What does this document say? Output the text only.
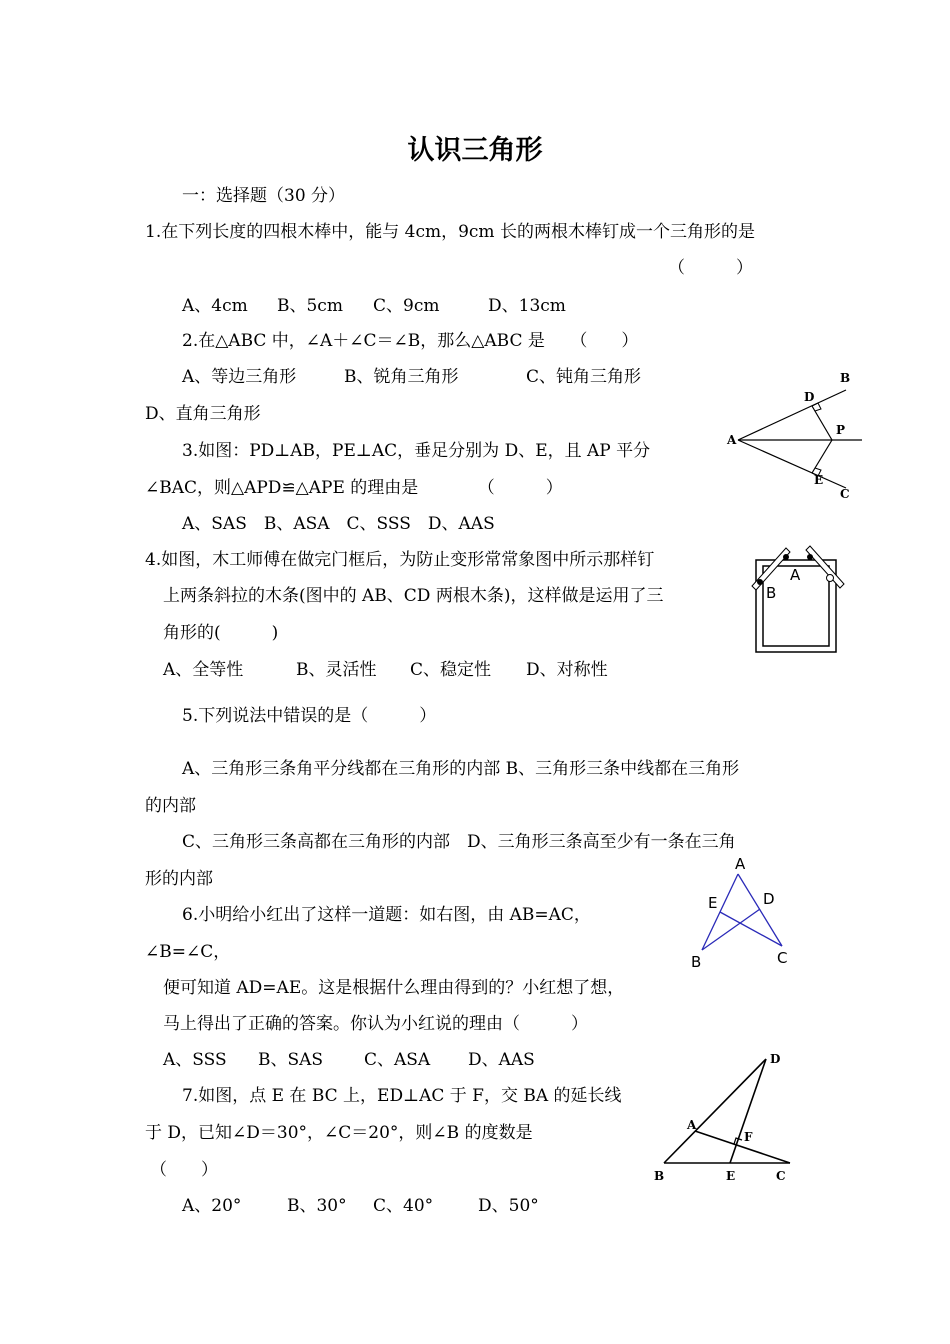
认识三角形
一：选择题（30 分）
1.在下列长度的四根木棒中，能与 4cm，9cm 长的两根木棒钉成一个三角形的是
（　　　）
A、4cm B、5cm C、9cm	D、13cm
2.在△ABC 中，∠A＋∠C＝∠B，那么△ABC 是　　（　　）
A、等边三角形	B、锐角三角形	C、钝角三角形
D、直角三角形
3.如图：PD⊥AB，PE⊥AC，垂足分别为 D、E，且 AP 平分
∠BAC，则△APD≌△APE 的理由是　　　　（　　　）
A、SAS　B、ASA　C、SSS　D、AAS
A
B
C
D
E
P
4.如图，木工师傅在做完门框后，为防止变形常常象图中所示那样钉
上两条斜拉的木条(图中的 AB、CD 两根木条)，这样做是运用了三
角形的(　　　)
A、全等性	B、灵活性 C、稳定性 D、对称性
A
B
5.下列说法中错误的是（　　　）
A、三角形三条角平分线都在三角形的内部 B、三角形三条中线都在三角形
的内部
C、三角形三条高都在三角形的内部　D、三角形三条高至少有一条在三角
形的内部
6.小明给小红出了这样一道题：如右图，由 AB=AC，
∠B=∠C，
便可知道 AD=AE。这是根据什么理由得到的？小红想了想，
马上得出了正确的答案。你认为小红说的理由（　　　）
A、SSS B、SAS C、ASA D、AAS
A
E	D
B	C
7.如图，点 E 在 BC 上，ED⊥AC 于 F，交 BA 的延长线
于 D，已知∠D＝30°，∠C＝20°，则∠B 的度数是
（　　）
A、20°	B、30° C、40°	D、50°
D
A
F
B	E	C
